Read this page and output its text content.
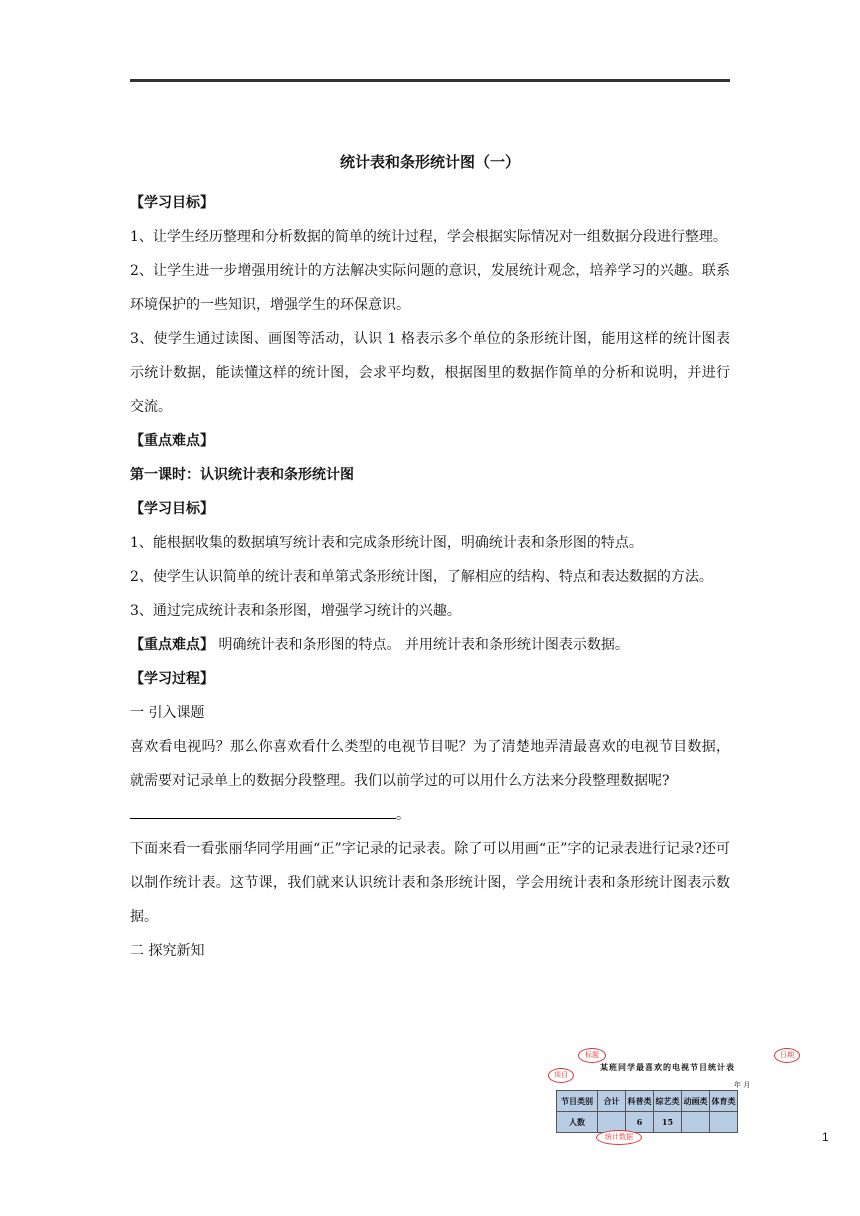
统计表和条形统计图（一）

【学习目标】

1、让学生经历整理和分析数据的简单的统计过程，学会根据实际情况对一组数据分段进行整理。

2、让学生进一步增强用统计的方法解决实际问题的意识，发展统计观念，培养学习的兴趣。联系环境保护的一些知识，增强学生的环保意识。

3、使学生通过读图、画图等活动，认识 1 格表示多个单位的条形统计图，能用这样的统计图表示统计数据，能读懂这样的统计图，会求平均数，根据图里的数据作简单的分析和说明，并进行交流。

【重点难点】

第一课时：认识统计表和条形统计图

【学习目标】

1、能根据收集的数据填写统计表和完成条形统计图，明确统计表和条形图的特点。

2、使学生认识简单的统计表和单第式条形统计图，了解相应的结构、特点和表达数据的方法。

3、通过完成统计表和条形图，增强学习统计的兴趣。

【重点难点】 明确统计表和条形图的特点。 并用统计表和条形统计图表示数据。

【学习过程】

一 引入课题

喜欢看电视吗？那么你喜欢看什么类型的电视节目呢？为了清楚地弄清最喜欢的电视节目数据，就需要对记录单上的数据分段整理。我们以前学过的可以用什么方法来分段整理数据呢?

。

下面来看一看张丽华同学用画“正”字记录的记录表。除了可以用画“正”字的记录表进行记录?还可以制作统计表。这节课，我们就来认识统计表和条形统计图，学会用统计表和条形统计图表示数据。

二 探究新知

标题
某班同学最喜欢的电视节目统计表
项目
日期
年 月
节目类别	合计	科普类	综艺类	动画类	体育类
人数		6	15		
统计数据	1
